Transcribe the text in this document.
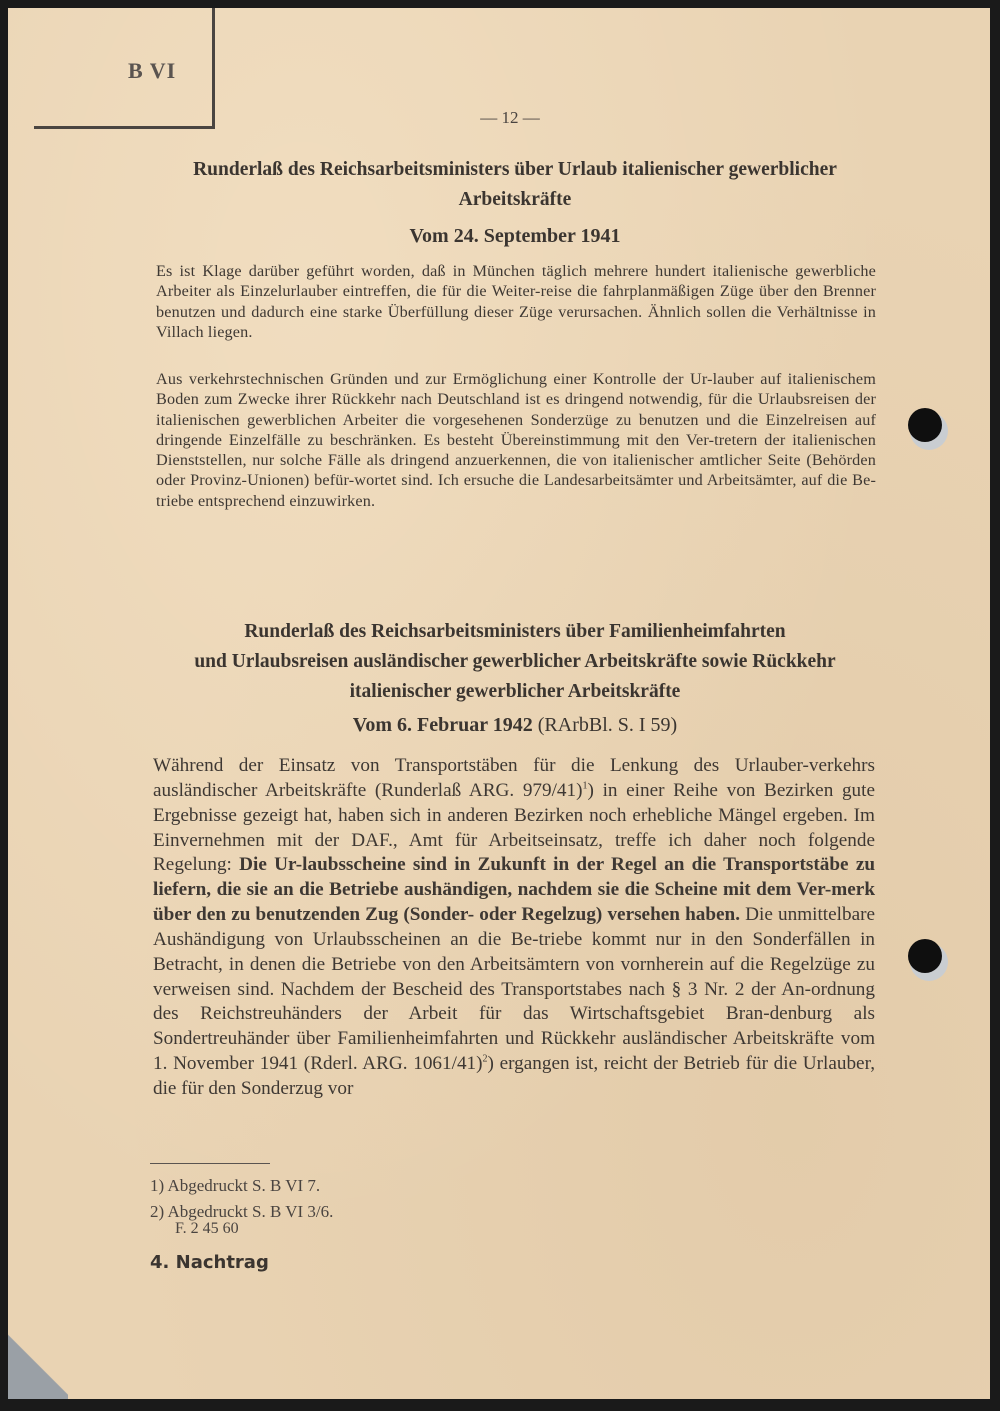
B VI
— 12 —
Runderlaß des Reichsarbeitsministers über Urlaub italienischer gewerblicher
Arbeitskräfte
Vom 24. September 1941
Es ist Klage darüber geführt worden, daß in München täglich mehrere hundert italienische gewerbliche Arbeiter als Einzelurlauber eintreffen, die für die Weiter-reise die fahrplanmäßigen Züge über den Brenner benutzen und dadurch eine starke Überfüllung dieser Züge verursachen. Ähnlich sollen die Verhältnisse in Villach liegen.
Aus verkehrstechnischen Gründen und zur Ermöglichung einer Kontrolle der Ur-lauber auf italienischem Boden zum Zwecke ihrer Rückkehr nach Deutschland ist es dringend notwendig, für die Urlaubsreisen der italienischen gewerblichen Arbeiter die vorgesehenen Sonderzüge zu benutzen und die Einzelreisen auf dringende Einzelfälle zu beschränken. Es besteht Übereinstimmung mit den Ver-tretern der italienischen Dienststellen, nur solche Fälle als dringend anzuerkennen, die von italienischer amtlicher Seite (Behörden oder Provinz-Unionen) befür-wortet sind. Ich ersuche die Landesarbeitsämter und Arbeitsämter, auf die Be-triebe entsprechend einzuwirken.
Runderlaß des Reichsarbeitsministers über Familienheimfahrten
und Urlaubsreisen ausländischer gewerblicher Arbeitskräfte sowie Rückkehr
italienischer gewerblicher Arbeitskräfte
Vom 6. Februar 1942 (RArbBl. S. I 59)
Während der Einsatz von Transportstäben für die Lenkung des Urlauber-verkehrs ausländischer Arbeitskräfte (Runderlaß ARG. 979/41)$^1$) in einer Reihe von Bezirken gute Ergebnisse gezeigt hat, haben sich in anderen Bezirken noch erhebliche Mängel ergeben. Im Einvernehmen mit der DAF., Amt für Arbeitseinsatz, treffe ich daher noch folgende Regelung: Die Ur-laubsscheine sind in Zukunft in der Regel an die Transportstäbe zu liefern, die sie an die Betriebe aushändigen, nachdem sie die Scheine mit dem Ver-merk über den zu benutzenden Zug (Sonder- oder Regelzug) versehen haben. Die unmittelbare Aushändigung von Urlaubsscheinen an die Be-triebe kommt nur in den Sonderfällen in Betracht, in denen die Betriebe von den Arbeitsämtern von vornherein auf die Regelzüge zu verweisen sind. Nachdem der Bescheid des Transportstabes nach § 3 Nr. 2 der An-ordnung des Reichstreuhänders der Arbeit für das Wirtschaftsgebiet Bran-denburg als Sondertreuhänder über Familienheimfahrten und Rückkehr ausländischer Arbeitskräfte vom 1. November 1941 (Rderl. ARG. 1061/41)$^2$) ergangen ist, reicht der Betrieb für die Urlauber, die für den Sonderzug vor
1) Abgedruckt S. B VI 7.
2) Abgedruckt S. B VI 3/6.
F. 2 45 60
4. Nachtrag
